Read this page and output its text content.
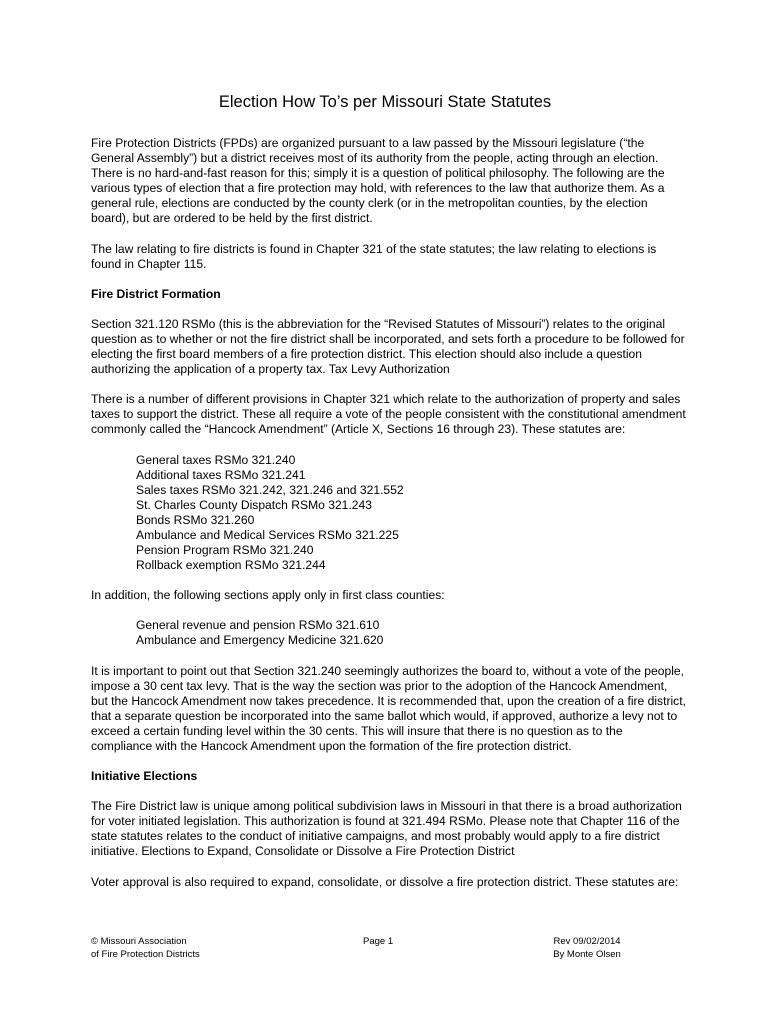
Election How To’s per Missouri State Statutes

Fire Protection Districts (FPDs) are organized pursuant to a law passed by the Missouri legislature (“the General Assembly”) but a district receives most of its authority from the people, acting through an election. There is no hard-and-fast reason for this; simply it is a question of political philosophy. The following are the various types of election that a fire protection may hold, with references to the law that authorize them. As a general rule, elections are conducted by the county clerk (or in the metropolitan counties, by the election board), but are ordered to be held by the first district.

The law relating to fire districts is found in Chapter 321 of the state statutes; the law relating to elections is found in Chapter 115.

Fire District Formation

Section 321.120 RSMo (this is the abbreviation for the “Revised Statutes of Missouri”) relates to the original question as to whether or not the fire district shall be incorporated, and sets forth a procedure to be followed for electing the first board members of a fire protection district. This election should also include a question authorizing the application of a property tax. Tax Levy Authorization

There is a number of different provisions in Chapter 321 which relate to the authorization of property and sales taxes to support the district. These all require a vote of the people consistent with the constitutional amendment commonly called the “Hancock Amendment” (Article X, Sections 16 through 23). These statutes are:

General taxes RSMo 321.240
Additional taxes RSMo 321.241
Sales taxes RSMo 321.242, 321.246 and 321.552
St. Charles County Dispatch RSMo 321.243
Bonds RSMo 321.260
Ambulance and Medical Services RSMo 321.225
Pension Program RSMo 321.240
Rollback exemption RSMo 321.244

In addition, the following sections apply only in first class counties:

General revenue and pension RSMo 321.610
Ambulance and Emergency Medicine 321.620

It is important to point out that Section 321.240 seemingly authorizes the board to, without a vote of the people, impose a 30 cent tax levy. That is the way the section was prior to the adoption of the Hancock Amendment, but the Hancock Amendment now takes precedence. It is recommended that, upon the creation of a fire district, that a separate question be incorporated into the same ballot which would, if approved, authorize a levy not to exceed a certain funding level within the 30 cents. This will insure that there is no question as to the compliance with the Hancock Amendment upon the formation of the fire protection district.

Initiative Elections

The Fire District law is unique among political subdivision laws in Missouri in that there is a broad authorization for voter initiated legislation. This authorization is found at 321.494 RSMo. Please note that Chapter 116 of the state statutes relates to the conduct of initiative campaigns, and most probably would apply to a fire district initiative. Elections to Expand, Consolidate or Dissolve a Fire Protection District

Voter approval is also required to expand, consolidate, or dissolve a fire protection district. These statutes are:

© Missouri Association
of Fire Protection Districts
Page 1	Rev 09/02/2014
By Monte Olsen
